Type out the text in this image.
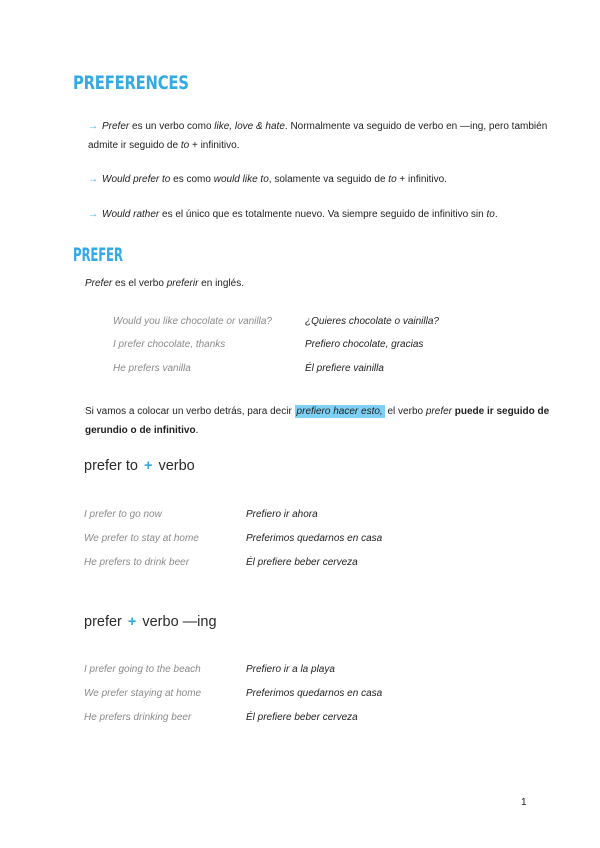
PREFERENCES
→ Prefer es un verbo como like, love & hate. Normalmente va seguido de verbo en —ing, pero también admite ir seguido de to + infinitivo.
→ Would prefer to es como would like to, solamente va seguido de to + infinitivo.
→ Would rather es el único que es totalmente nuevo. Va siempre seguido de infinitivo sin to.
PREFER
Prefer es el verbo preferir en inglés.
Would you like chocolate or vanilla?	¿Quieres chocolate o vainilla?
I prefer chocolate, thanks	Prefiero chocolate, gracias
He prefers vanilla	Él prefiere vainilla
Si vamos a colocar un verbo detrás, para decir prefiero hacer esto, el verbo prefer puede ir seguido de gerundio o de infinitivo.
prefer to + verbo
I prefer to go now	Prefiero ir ahora
We prefer to stay at home	Preferimos quedarnos en casa
He prefers to drink beer	Él prefiere beber cerveza
prefer + verbo —ing
I prefer going to the beach	Prefiero ir a la playa
We prefer staying at home	Preferimos quedarnos en casa
He prefers drinking beer	Él prefiere beber cerveza
1
